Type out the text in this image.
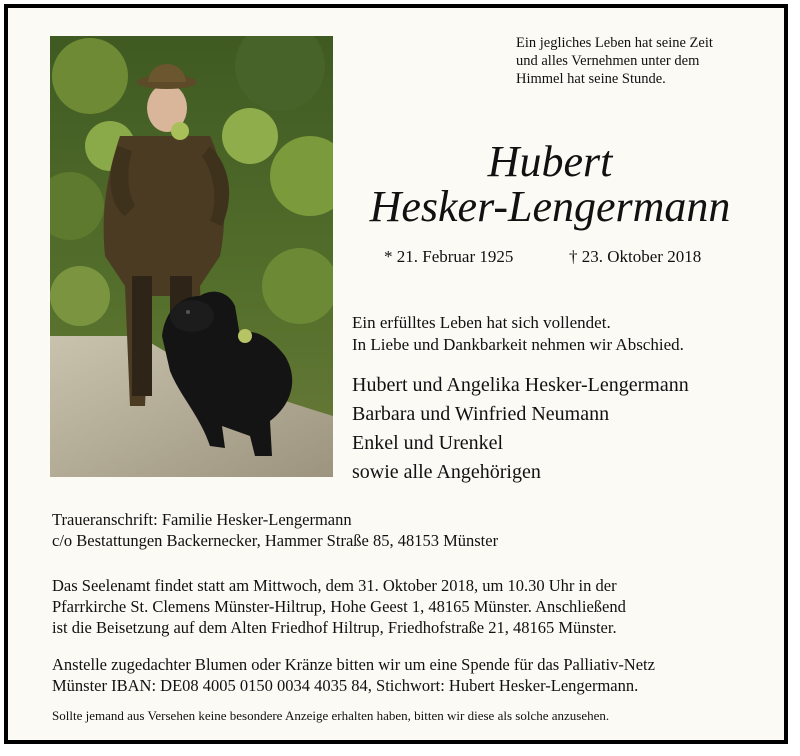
Ein jegliches Leben hat seine Zeit
und alles Vernehmen unter dem
Himmel hat seine Stunde.
Hubert
Hesker-Lengermann
* 21. Februar 1925	† 23. Oktober 2018
Ein erfülltes Leben hat sich vollendet.
In Liebe und Dankbarkeit nehmen wir Abschied.
Hubert und Angelika Hesker-Lengermann
Barbara und Winfried Neumann
Enkel und Urenkel
sowie alle Angehörigen
Traueranschrift: Familie Hesker-Lengermann
c/o Bestattungen Backernecker, Hammer Straße 85, 48153 Münster
Das Seelenamt findet statt am Mittwoch, dem 31. Oktober 2018, um 10.30 Uhr in der
Pfarrkirche St. Clemens Münster-Hiltrup, Hohe Geest 1, 48165 Münster. Anschließend
ist die Beisetzung auf dem Alten Friedhof Hiltrup, Friedhofstraße 21, 48165 Münster.
Anstelle zugedachter Blumen oder Kränze bitten wir um eine Spende für das Palliativ-Netz
Münster IBAN: DE08 4005 0150 0034 4035 84, Stichwort: Hubert Hesker-Lengermann.
Sollte jemand aus Versehen keine besondere Anzeige erhalten haben, bitten wir diese als solche anzusehen.
